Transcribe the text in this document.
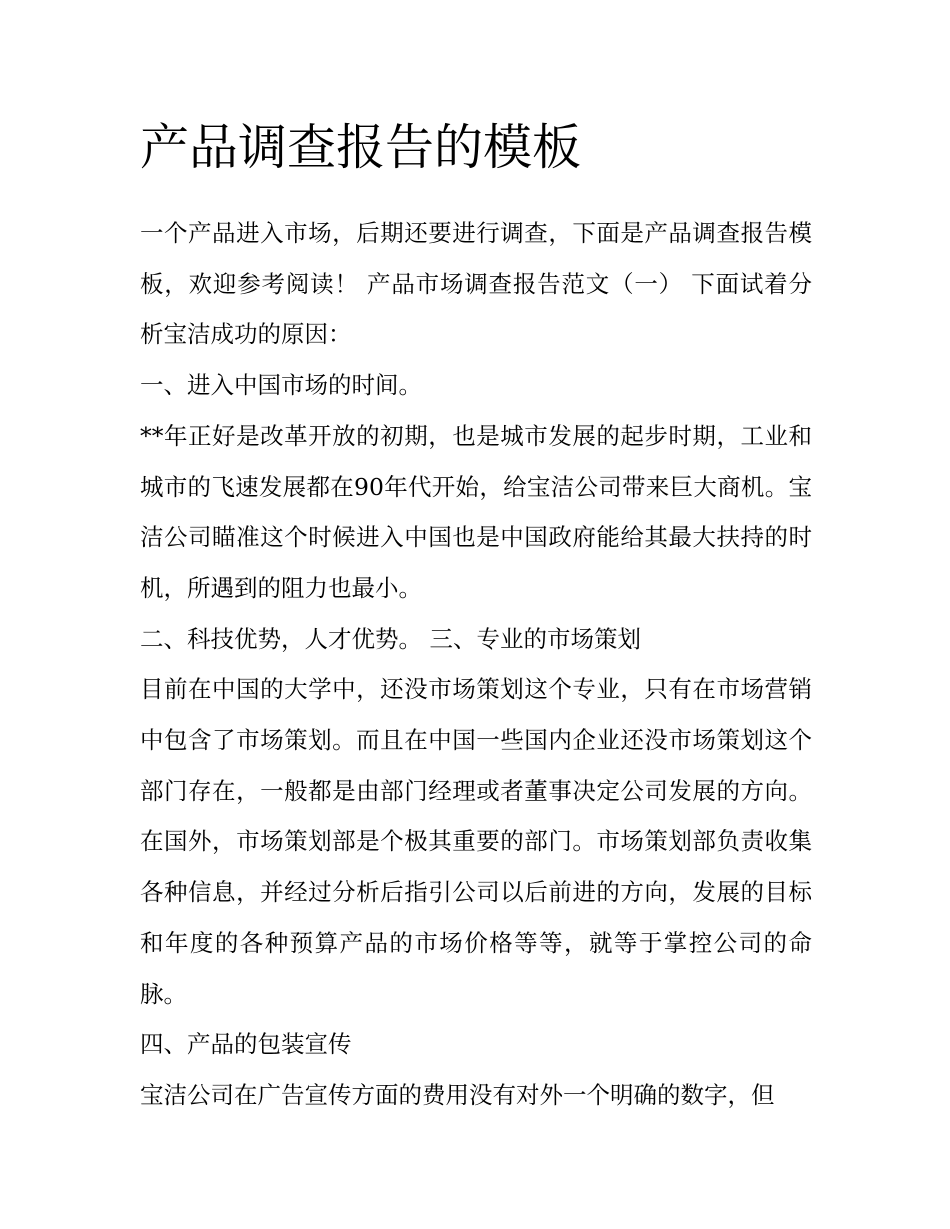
产品调查报告的模板

一个产品进入市场，后期还要进行调查，下面是产品调查报告模板，欢迎参考阅读！ 产品市场调查报告范文（一） 下面试着分析宝洁成功的原因：

一、进入中国市场的时间。

**年正好是改革开放的初期，也是城市发展的起步时期，工业和城市的飞速发展都在90年代开始，给宝洁公司带来巨大商机。宝洁公司瞄准这个时候进入中国也是中国政府能给其最大扶持的时机，所遇到的阻力也最小。

二、科技优势，人才优势。 三、专业的市场策划

目前在中国的大学中，还没市场策划这个专业，只有在市场营销中包含了市场策划。而且在中国一些国内企业还没市场策划这个部门存在，一般都是由部门经理或者董事决定公司发展的方向。在国外，市场策划部是个极其重要的部门。市场策划部负责收集各种信息，并经过分析后指引公司以后前进的方向，发展的目标和年度的各种预算产品的市场价格等等，就等于掌控公司的命脉。

四、产品的包装宣传

宝洁公司在广告宣传方面的费用没有对外一个明确的数字，但
